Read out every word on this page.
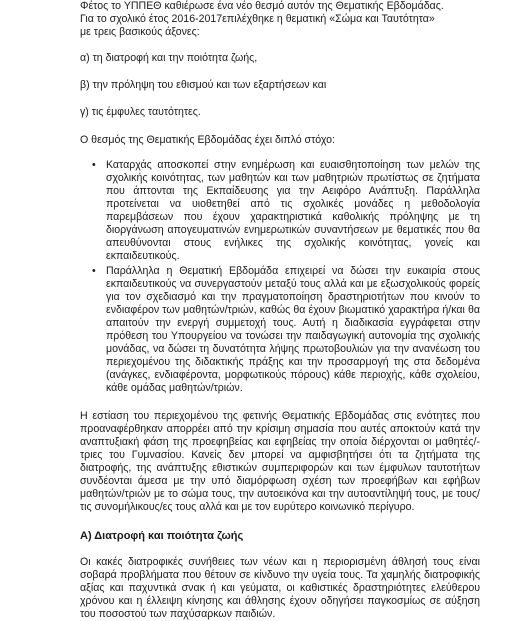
Φέτος το ΥΠΠΕΘ καθιέρωσε ένα νέο θεσμό αυτόν της Θεματικής Εβδομάδας.
Για το σχολικό έτος 2016-2017επιλέχθηκε η θεματική «Σώμα και Ταυτότητα»
με τρεις βασικούς άξονες:
α) τη διατροφή και την ποιότητα ζωής,
β) την πρόληψη του εθισμού και των εξαρτήσεων και
γ) τις έμφυλες ταυτότητες.
Ο θεσμός της Θεματικής Εβδομάδας έχει διπλό στόχο:
• Καταρχάς αποσκοπεί στην ενημέρωση και ευαισθητοποίηση των μελών της σχολικής κοινότητας, των μαθητών και των μαθητριών πρωτίστως σε ζητήματα που άπτονται της Εκπαίδευσης για την Αειφόρο Ανάπτυξη. Παράλληλα προτείνεται να υιοθετηθεί από τις σχολικές μονάδες η μεθοδολογία παρεμβάσεων που έχουν χαρακτηριστικά καθολικής πρόληψης με τη διοργάνωση απογευματινών ενημερωτικών συναντήσεων με θεματικές που θα απευθύνονται στους ενήλικες της σχολικής κοινότητας, γονείς και εκπαιδευτικούς.
• Παράλληλα η Θεματική Εβδομάδα επιχειρεί να δώσει την ευκαιρία στους εκπαιδευτικούς να συνεργαστούν μεταξύ τους αλλά και με εξωσχολικούς φορείς για τον σχεδιασμό και την πραγματοποίηση δραστηριοτήτων που κινούν το ενδιαφέρον των μαθητών/τριών, καθώς θα έχουν βιωματικό χαρακτήρα ή/και θα απαιτούν την ενεργή συμμετοχή τους. Αυτή η διαδικασία εγγράφεται στην πρόθεση του Υπουργείου να τονώσει την παιδαγωγική αυτονομία της σχολικής μονάδας, να δώσει τη δυνατότητα λήψης πρωτοβουλιών για την ανανέωση του περιεχομένου της διδακτικής πράξης και την προσαρμογή της στα δεδομένα (ανάγκες, ενδιαφέροντα, μορφωτικούς πόρους) κάθε περιοχής, κάθε σχολείου, κάθε ομάδας μαθητών/τριών.
Η εστίαση του περιεχομένου της φετινής Θεματικής Εβδομάδας στις ενότητες που προαναφέρθηκαν απορρέει από την κρίσιμη σημασία που αυτές αποκτούν κατά την αναπτυξιακή φάση της προεφηβείας και εφηβείας την οποία διέρχονται οι μαθητές/-τριες του Γυμνασίου. Κανείς δεν μπορεί να αμφισβητήσει ότι τα ζητήματα της διατροφής, της ανάπτυξης εθιστικών συμπεριφορών και των έμφυλων ταυτοτήτων συνδέονται άμεσα με την υπό διαμόρφωση σχέση των προεφήβων και εφήβων μαθητών/τριών με το σώμα τους, την αυτοεικόνα και την αυτοαντίληψή τους, με τους/τις συνομήλικους/ες τους αλλά και με τον ευρύτερο κοινωνικό περίγυρο.
Α) Διατροφή και ποιότητα ζωής
Οι κακές διατροφικές συνήθειες των νέων και η περιορισμένη άθλησή τους είναι σοβαρά προβλήματα που θέτουν σε κίνδυνο την υγεία τους. Τα χαμηλής διατροφικής αξίας και παχυντικά σνακ ή και γεύματα, οι καθιστικές δραστηριότητες ελεύθερου χρόνου και η έλλειψη κίνησης και άθλησης έχουν οδηγήσει παγκοσμίως σε αύξηση του ποσοστού των παχύσαρκων παιδιών.
